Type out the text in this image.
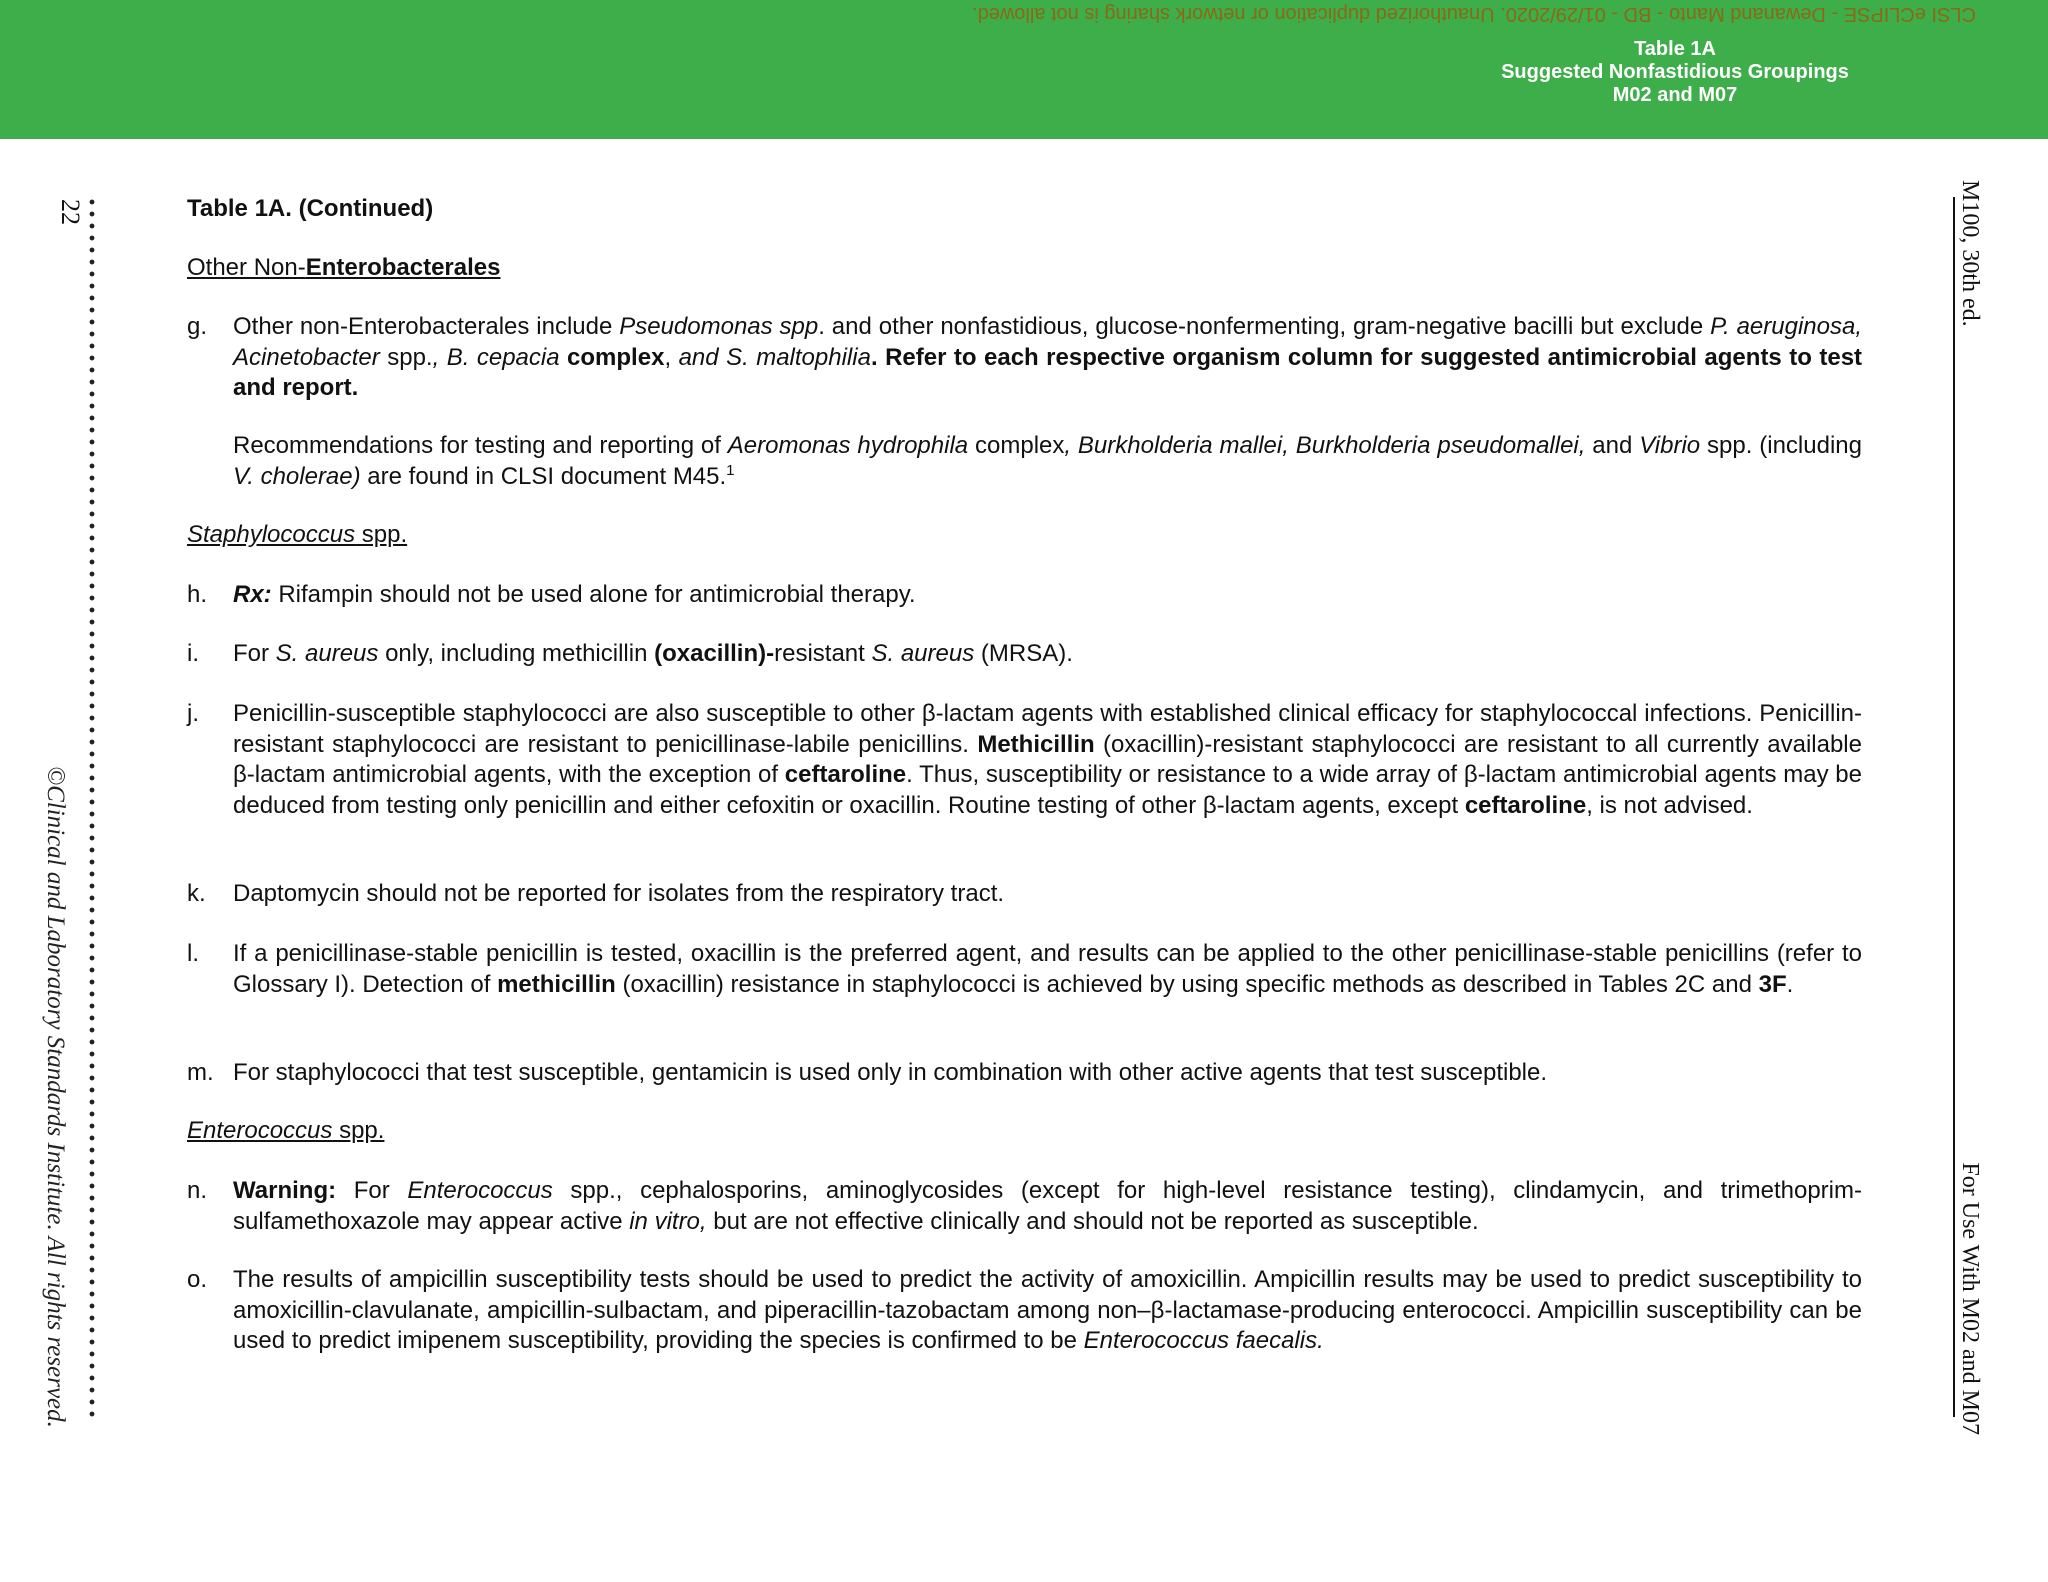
CLSI eCLIPSE - Dewanand Manto - BD - 01/29/2020. Unauthorized duplication or network sharing is not allowed.
Table 1A
Suggested Nonfastidious Groupings
M02 and M07
22
©Clinical and Laboratory Standards Institute. All rights reserved.
M100, 30th ed.
For Use With M02 and M07
Table 1A. (Continued)
Other Non-Enterobacterales
g.	Other non-Enterobacterales include Pseudomonas spp. and other nonfastidious, glucose-nonfermenting, gram-negative bacilli but exclude P. aeruginosa, Acinetobacter spp., B. cepacia complex, and S. maltophilia. Refer to each respective organism column for suggested antimicrobial agents to test and report.
Recommendations for testing and reporting of Aeromonas hydrophila complex, Burkholderia mallei, Burkholderia pseudomallei, and Vibrio spp. (including V. cholerae) are found in CLSI document M45.$^1$
Staphylococcus spp.
h.	Rx: Rifampin should not be used alone for antimicrobial therapy.
i.	For S. aureus only, including methicillin (oxacillin)-resistant S. aureus (MRSA).
j.	Penicillin-susceptible staphylococci are also susceptible to other β-lactam agents with established clinical efficacy for staphylococcal infections. Penicillin-resistant staphylococci are resistant to penicillinase-labile penicillins. Methicillin (oxacillin)-resistant staphylococci are resistant to all currently available β-lactam antimicrobial agents, with the exception of ceftaroline. Thus, susceptibility or resistance to a wide array of β-lactam antimicrobial agents may be deduced from testing only penicillin and either cefoxitin or oxacillin. Routine testing of other β-lactam agents, except ceftaroline, is not advised.
k.	Daptomycin should not be reported for isolates from the respiratory tract.
l.	If a penicillinase-stable penicillin is tested, oxacillin is the preferred agent, and results can be applied to the other penicillinase-stable penicillins (refer to Glossary I). Detection of methicillin (oxacillin) resistance in staphylococci is achieved by using specific methods as described in Tables 2C and 3F.
m. For staphylococci that test susceptible, gentamicin is used only in combination with other active agents that test susceptible.
Enterococcus spp.
n.	Warning: For Enterococcus spp., cephalosporins, aminoglycosides (except for high-level resistance testing), clindamycin, and trimethoprim-sulfamethoxazole may appear active in vitro, but are not effective clinically and should not be reported as susceptible.
o.	The results of ampicillin susceptibility tests should be used to predict the activity of amoxicillin. Ampicillin results may be used to predict susceptibility to amoxicillin-clavulanate, ampicillin-sulbactam, and piperacillin-tazobactam among non–β-lactamase-producing enterococci. Ampicillin susceptibility can be used to predict imipenem susceptibility, providing the species is confirmed to be Enterococcus faecalis.
